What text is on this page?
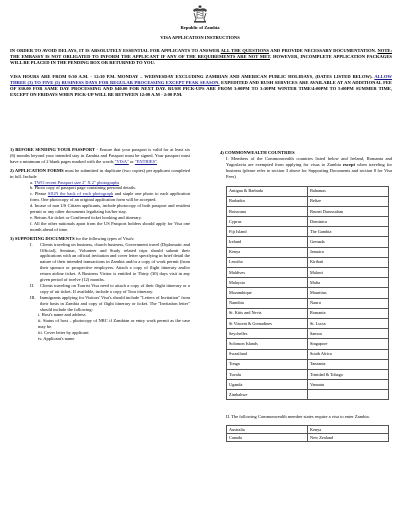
Republic of Zambia
VISA APPLICATION INSTRUCTIONS
IN ORDER TO AVOID DELAYS, IT IS ABSOLUTELY ESSENTIAL FOR APPLICANTS TO ANSWER ALL THE QUESTIONS AND PROVIDE NECESSARY DOCUMENTATION. NOTE: THE EMBASSY IS NOT OBLIGATED TO INFORM THE APPLICANT IF ANY OF THE REQUIREMENTS ARE NOT MET. HOWEVER, INCOMPLETE APPLICATION PACKAGES WILL BE PLACED IN THE PENDING BOX OR RETURNED TO YOU.
VISA HOURS ARE FROM 9:30 A.M. - 12:30 P.M. MONDAY – WEDNESDAY EXCLUDING ZAMBIAN AND AMERICAN PUBLIC HOLIDAYS, (DATES LISTED BELOW). ALLOW THREE (3) TO FIVE (5) BUSINESS DAYS FOR REGULAR PROCESSING EXCEPT PEAK SEASON. EXPEDITED AND RUSH SERVICES ARE AVAILABLE AT AN ADDITIONAL FEE OF $30.00 FOR SAME DAY PROCESSING AND $40.00 FOR NEXT DAY. RUSH PICK-UPS ARE FROM 3:00PM TO 3:30PM WINTER TIME/4:00PM TO 5:00PM SUMMER TIME, EXCEPT ON FRIDAYS WHEN PICK-UP WILL BE BETWEEN 12:00 A.M - 2:00 P.M.
1) BEFORE SENDING YOUR PASSPORT - Ensure that your passport is valid for at least six (6) months beyond your intended stay in Zambia and Passport must be signed. Your passport must have a minimum of 2 blank pages marked with the words "VISA" or "ENTRIES".
2) APPLICATION FORMS must be submitted in duplicate (two copies) per applicant completed in full. Include
a. TWO recent Passport size 2" X 2" photographs
b. Photo copy of passport page containing personal details.
c. Please SIGN the back of each photograph and staple one photo to each application form. One photocopy of an original application form will be accepted.
d. Incase of non US Citizen applicants, include photocopy of both passport and resident permit or any other documents legalizing his/her stay.
e. Return Air ticket or Confirmed ticket booking and itinerary.
f. All the other nationals apart from the US Passport holders should apply for Visa one month ahead of time.
3) SUPPORTING DOCUMENTS for the following types of Visa's:
I.	Clients traveling on business, church business, Government travel (Diplomatic and Official), Seminar, Volunteer and Study related trips should submit their applications with an official invitation and cover letter specifying in brief detail the nature of their intended transactions in Zambia and/or a copy of work permit (from their sponsor or prospective employers. Attach a copy of flight itinerary and/or return airline ticket. A Business Visitor is entitled to Thirty (30) days visit in any given period of twelve (12) months.
II.	Clients traveling on Tourist Visa need to attach a copy of their flight itinerary or a copy of air ticket. If available, include a copy of Tour itinerary.
III. Immigrants applying for Visitors' Visa's should include "Letters of Invitation" from their hosts in Zambia and copy of flight itinerary or ticket. The "Invitation letter" should include the following:
i. Host's name and address
ii. Status of host – photocopy of NRC if Zambian or entry work permit as the case may be.
iii. Cover letter by applicant
iv. Applicant's name
4) COMMONWEALTH COUNTRIES
I. Members of the Commonwealth countries listed below and Ireland, Romania and Yugoslavia are exempted from applying for visas to Zambia except when traveling for business (please refer to section 3 above for Supporting Documents and section 8 for Visa Fees)
Antigua & Barbuda	Bahamas
Barbados	Belize
Botswana	Brunei Darussalam
Cyprus	Dominica
Fiji Island	The Gambia
Ireland	Grenada
Kenya	Jamaica
Lesotho	Kiribati
Maldives	Malawi
Malaysia	Malta
Mozambique	Mauritius
Namibia	Nauru
St. Kitts and Nevis	Romania
St Vincent & Grenadines	St. Lucia
Seychelles	Samoa
Solomon Islands	Singapore
Swaziland	South Africa
Tonga	Tanzania
Tuvalu	Trinidad & Tobago
Uganda	Vanuatu
Zimbabwe	
II. The following Commonwealth member states require a visa to enter Zambia.
Australia	Kenya
Canada	New Zealand
